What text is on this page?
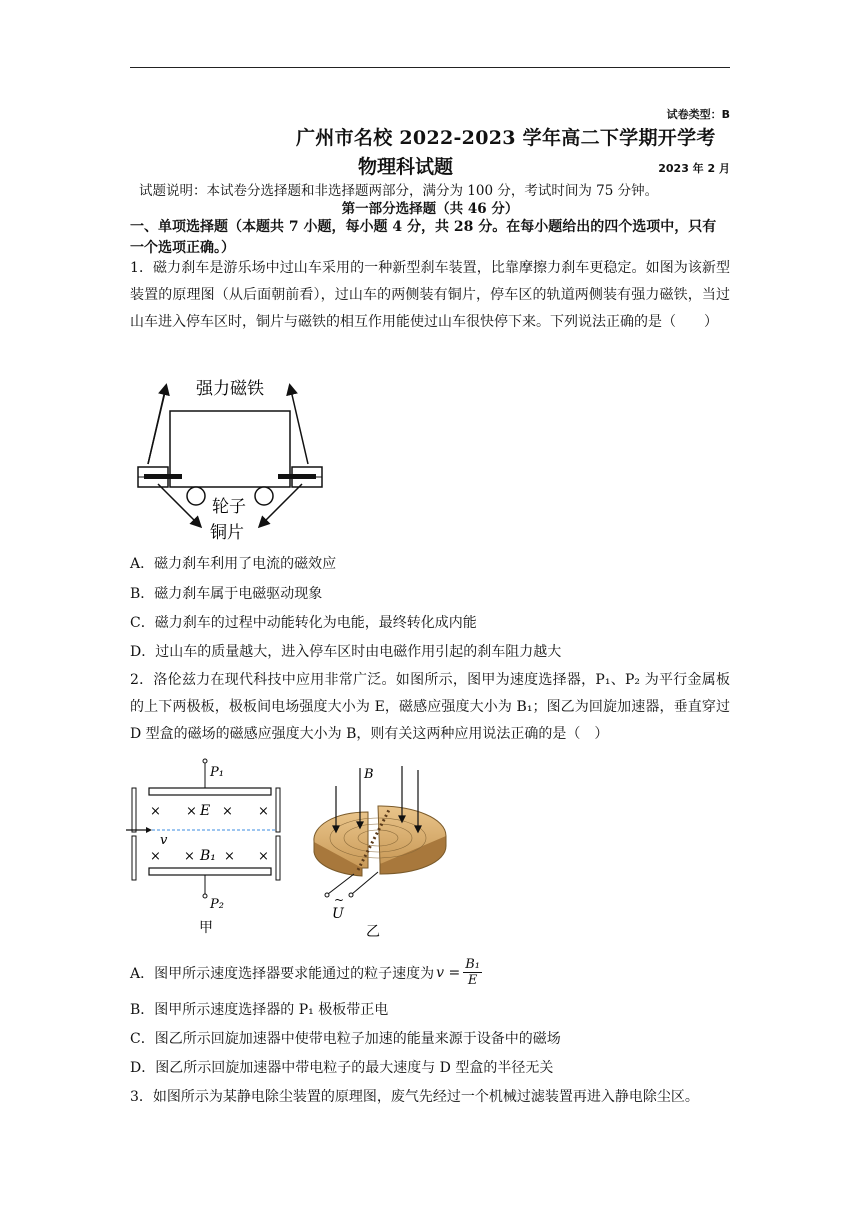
试卷类型：B
广州市名校 2022-2023 学年高二下学期开学考
物理科试题	2023 年 2 月
试题说明：本试卷分选择题和非选择题两部分，满分为 100 分，考试时间为 75 分钟。
第一部分选择题（共 46 分）
一、单项选择题（本题共 7 小题，每小题 4 分，共 28 分。在每小题给出的四个选项中，只有一个选项正确。）
1．磁力刹车是游乐场中过山车采用的一种新型刹车装置，比靠摩擦力刹车更稳定。如图为该新型装置的原理图（从后面朝前看），过山车的两侧装有铜片，停车区的轨道两侧装有强力磁铁，当过山车进入停车区时，铜片与磁铁的相互作用能使过山车很快停下来。下列说法正确的是（　　）
强力磁铁
轮子
铜片
A．磁力刹车利用了电流的磁效应
B．磁力刹车属于电磁驱动现象
C．磁力刹车的过程中动能转化为电能，最终转化成内能
D．过山车的质量越大，进入停车区时由电磁作用引起的刹车阻力越大
2．洛伦兹力在现代科技中应用非常广泛。如图所示，图甲为速度选择器，P₁、P₂ 为平行金属板的上下两极板，极板间电场强度大小为 E，磁感应强度大小为 B₁；图乙为回旋加速器，垂直穿过 D 型盒的磁场的磁感应强度大小为 B，则有关这两种应用说法正确的是（　）
P₁
× × E × ×
v
× × B₁ × ×
P₂
甲
B
~
U
乙
A．图甲所示速度选择器要求能通过的粒子速度为 $v = \frac{\text{B₁}}{E}$
B．图甲所示速度选择器的 P₁ 极板带正电
C．图乙所示回旋加速器中使带电粒子加速的能量来源于设备中的磁场
D．图乙所示回旋加速器中带电粒子的最大速度与 D 型盒的半径无关
3．如图所示为某静电除尘装置的原理图，废气先经过一个机械过滤装置再进入静电除尘区。
